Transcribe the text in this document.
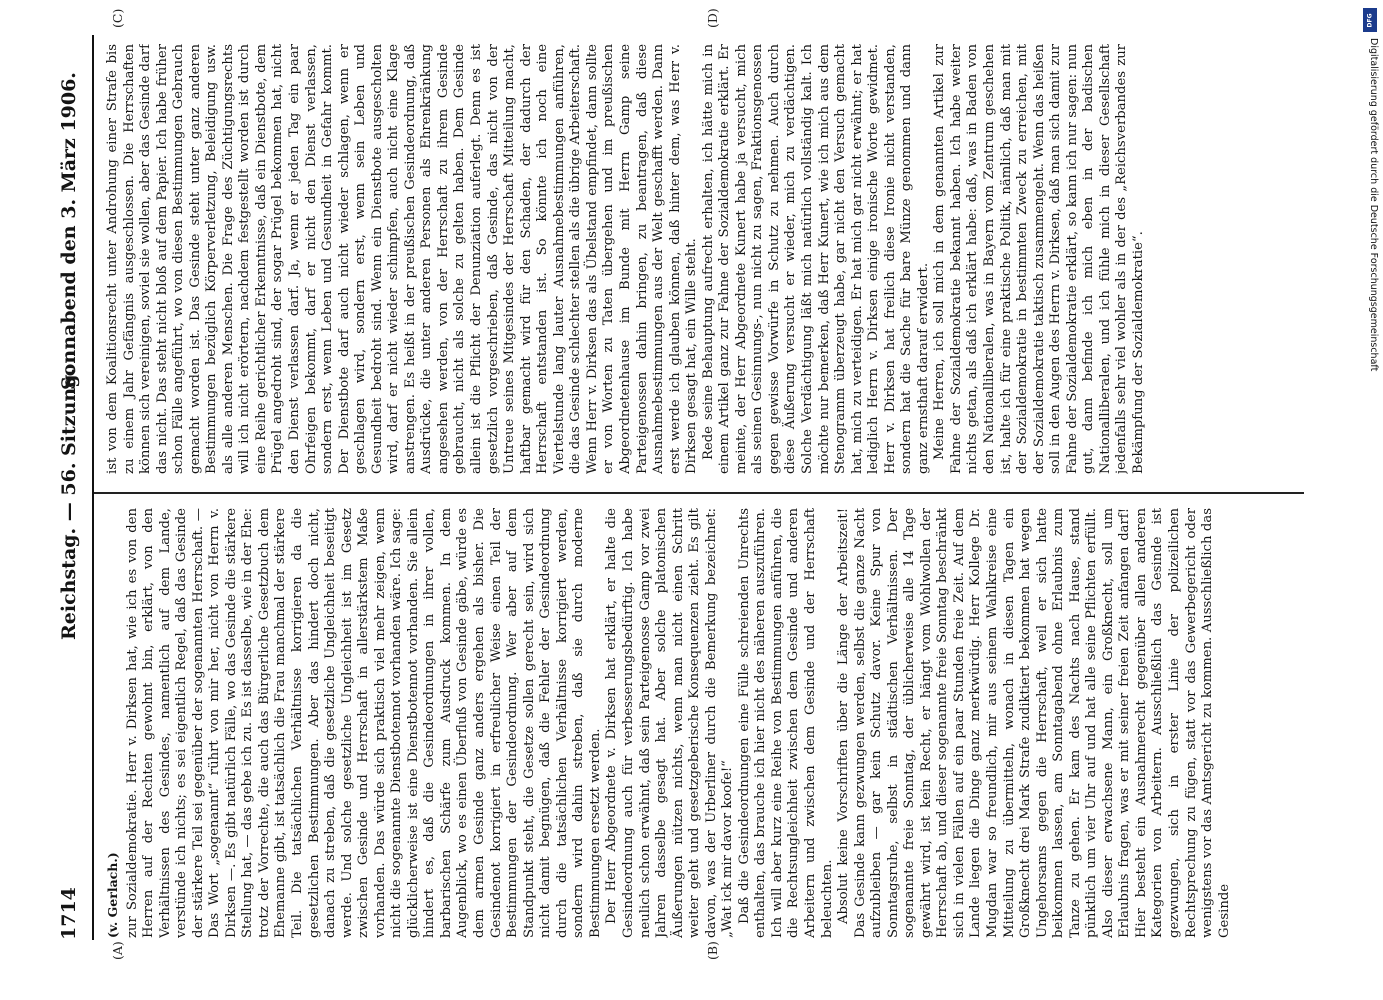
1714
Reichstag. — 56. Sitzung.
Sonnabend den 3. März 1906.
(A)	(B)
(C)	(D)
(v. Gerlach.) zur Sozialdemokratie. Herr v. Dirksen hat, wie ich es von den Herren auf der Rechten gewohnt bin, erklärt, von den Verhältnissen des Gesindes, namentlich auf dem Lande, verstünde ich nichts; es sei eigentlich Regel, daß das Gesinde der stärkere Teil sei gegenüber der sogenannten Herrschaft. — Das Wort „sogenannt“ rührt von mir her, nicht von Herrn v. Dirksen —. Es gibt natürlich Fälle, wo das Gesinde die stärkere Stellung hat, — das gebe ich zu. Es ist dasselbe, wie in der Ehe: trotz der Vorrechte, die auch das Bürgerliche Gesetzbuch dem Ehemanne gibt, ist tatsächlich die Frau manchmal der stärkere Teil. Die tatsächlichen Verhältnisse korrigieren da die gesetzlichen Bestimmungen. Aber das hindert doch nicht, danach zu streben, daß die gesetzliche Ungleichheit beseitigt werde. Und solche gesetzliche Ungleichheit ist im Gesetz zwischen Gesinde und Herrschaft in allerstärkstem Maße vorhanden. Das würde sich praktisch viel mehr zeigen, wenn nicht die sogenannte Dienstbotennot vorhanden wäre. Ich sage: glücklicherweise ist eine Dienstbotennot vorhanden. Sie allein hindert es, daß die Gesindeordnungen in ihrer vollen, barbarischen Schärfe zum Ausdruck kommen. In dem Augenblick, wo es einen Überfluß von Gesinde gäbe, würde es dem armen Gesinde ganz anders ergehen als bisher. Die Gesindenot korrigiert in erfreulicher Weise einen Teil der Bestimmungen der Gesindeordnung. Wer aber auf dem Standpunkt steht, die Gesetze sollen gerecht sein, wird sich nicht damit begnügen, daß die Fehler der Gesindeordnung durch die tatsächlichen Verhältnisse korrigiert werden, sondern wird dahin streben, daß sie durch moderne Bestimmungen ersetzt werden. Der Herr Abgeordnete v. Dirksen hat erklärt, er halte die Gesindeordnung auch für verbesserungsbedürftig. Ich habe neulich schon erwähnt, daß sein Parteigenosse Gamp vor zwei Jahren dasselbe gesagt hat. Aber solche platonischen Äußerungen nützen nichts, wenn man nicht einen Schritt weiter geht und gesetzgeberische Konsequenzen zieht. Es gilt davon, was der Urberliner durch die Bemerkung bezeichnet: „Wat ick mir davor koofe!“ Daß die Gesindeordnungen eine Fülle schreienden Unrechts enthalten, das brauche ich hier nicht des näheren auszuführen. Ich will aber kurz eine Reihe von Bestimmungen anführen, die die Rechtsungleichheit zwischen dem Gesinde und anderen Arbeitern und zwischen dem Gesinde und der Herrschaft beleuchten. Absolut keine Vorschriften über die Länge der Arbeitszeit! Das Gesinde kann gezwungen werden, selbst die ganze Nacht aufzubleiben — gar kein Schutz davor. Keine Spur von Sonntagsruhe, selbst in städtischen Verhältnissen. Der sogenannte freie Sonntag, der üblicherweise alle 14 Tage gewährt wird, ist kein Recht, er hängt vom Wohlwollen der Herrschaft ab, und dieser sogenannte freie Sonntag beschränkt sich in vielen Fällen auf ein paar Stunden freie Zeit. Auf dem Lande liegen die Dinge ganz merkwürdig. Herr Kollege Dr. Mugdan war so freundlich, mir aus seinem Wahlkreise eine Mitteilung zu übermitteln, wonach in diesen Tagen ein Großknecht drei Mark Strafe zudiktiert bekommen hat wegen Ungehorsams gegen die Herrschaft, weil er sich hatte beikommen lassen, am Sonntagabend ohne Erlaubnis zum Tanze zu gehen. Er kam des Nachts nach Hause, stand pünktlich um vier Uhr auf und hat alle seine Pflichten erfüllt. Also dieser erwachsene Mann, ein Großknecht, soll um Erlaubnis fragen, was er mit seiner freien Zeit anfangen darf! Hier besteht ein Ausnahmerecht gegenüber allen anderen Kategorien von Arbeitern. Ausschließlich das Gesinde ist gezwungen, sich in erster Linie der polizeilichen Rechtsprechung zu fügen, statt vor das Gewerbegericht oder wenigstens vor das Amtsgericht zu kommen. Ausschließlich das Gesinde

ist von dem Koalitionsrecht unter Androhung einer Strafe bis zu einem Jahr Gefängnis ausgeschlossen. Die Herrschaften können sich vereinigen, soviel sie wollen, aber das Gesinde darf das nicht. Das steht nicht bloß auf dem Papier. Ich habe früher schon Fälle angeführt, wo von diesen Bestimmungen Gebrauch gemacht worden ist. Das Gesinde steht unter ganz anderen Bestimmungen bezüglich Körperverletzung, Beleidigung usw. als alle anderen Menschen. Die Frage des Züchtigungsrechts will ich nicht erörtern, nachdem festgestellt worden ist durch eine Reihe gerichtlicher Erkenntnisse, daß ein Dienstbote, dem Prügel angedroht sind, der sogar Prügel bekommen hat, nicht den Dienst verlassen darf. Ja, wenn er jeden Tag ein paar Ohrfeigen bekommt, darf er nicht den Dienst verlassen, sondern erst, wenn Leben und Gesundheit in Gefahr kommt. Der Dienstbote darf auch nicht wieder schlagen, wenn er geschlagen wird, sondern erst, wenn sein Leben und Gesundheit bedroht sind. Wenn ein Dienstbote ausgescholten wird, darf er nicht wieder schimpfen, auch nicht eine Klage anstrengen. Es heißt in der preußischen Gesindeordnung, daß Ausdrücke, die unter anderen Personen als Ehrenkränkung angesehen werden, von der Herrschaft zu ihrem Gesinde gebraucht, nicht als solche zu gelten haben. Dem Gesinde allein ist die Pflicht der Denunziation auferlegt. Denn es ist gesetzlich vorgeschrieben, daß Gesinde, das nicht von der Untreue seines Mitgesindes der Herrschaft Mitteilung macht, haftbar gemacht wird für den Schaden, der dadurch der Herrschaft entstanden ist. So könnte ich noch eine Viertelstunde lang lauter Ausnahmebestimmungen anführen, die das Gesinde schlechter stellen als die übrige Arbeiterschaft. Wenn Herr v. Dirksen das als Übelstand empfindet, dann sollte er von Worten zu Taten übergehen und im preußischen Abgeordnetenhause im Bunde mit Herrn Gamp seine Parteigenossen dahin bringen, zu beantragen, daß diese Ausnahmebestimmungen aus der Welt geschafft werden. Dann erst werde ich glauben können, daß hinter dem, was Herr v. Dirksen gesagt hat, ein Wille steht. Rede seine Behauptung aufrecht erhalten, ich hätte mich in einem Artikel ganz zur Fahne der Sozialdemokratie erklärt. Er meinte, der Herr Abgeordnete Kunert habe ja versucht, mich als seinen Gesinnungs-, nun nicht zu sagen, Fraktionsgenossen gegen gewisse Vorwürfe in Schutz zu nehmen. Auch durch diese Äußerung versucht er wieder, mich zu verdächtigen. Solche Verdächtigung läßt mich natürlich vollständig kalt. Ich möchte nur bemerken, daß Herr Kunert, wie ich mich aus dem Stenogramm überzeugt habe, gar nicht den Versuch gemacht hat, mich zu verteidigen. Er hat mich gar nicht erwähnt; er hat lediglich Herrn v. Dirksen einige ironische Worte gewidmet. Herr v. Dirksen hat freilich diese Ironie nicht verstanden, sondern hat die Sache für bare Münze genommen und dann ganz ernsthaft darauf erwidert. Meine Herren, ich soll mich in dem genannten Artikel zur Fahne der Sozialdemokratie bekannt haben. Ich habe weiter nichts getan, als daß ich erklärt habe: daß, was in Baden von den Nationalliberalen, was in Bayern vom Zentrum geschehen ist, halte ich für eine praktische Politik, nämlich, daß man mit der Sozialdemokratie in bestimmten Zweck zu erreichen, mit der Sozialdemokratie taktisch zusammengeht. Wenn das heißen soll in den Augen des Herrn v. Dirksen, daß man sich damit zur Fahne der Sozialdemokratie erklärt, so kann ich nur sagen: nun gut, dann befinde ich mich eben in der badischen Nationalliberalen, und ich fühle mich in dieser Gesellschaft jedenfalls sehr viel wohler als in der des „Reichsverbandes zur Bekämpfung der Sozialdemokratie“.

DFG
Digitalisierung gefördert durch die Deutsche Forschungsgemeinschaft
